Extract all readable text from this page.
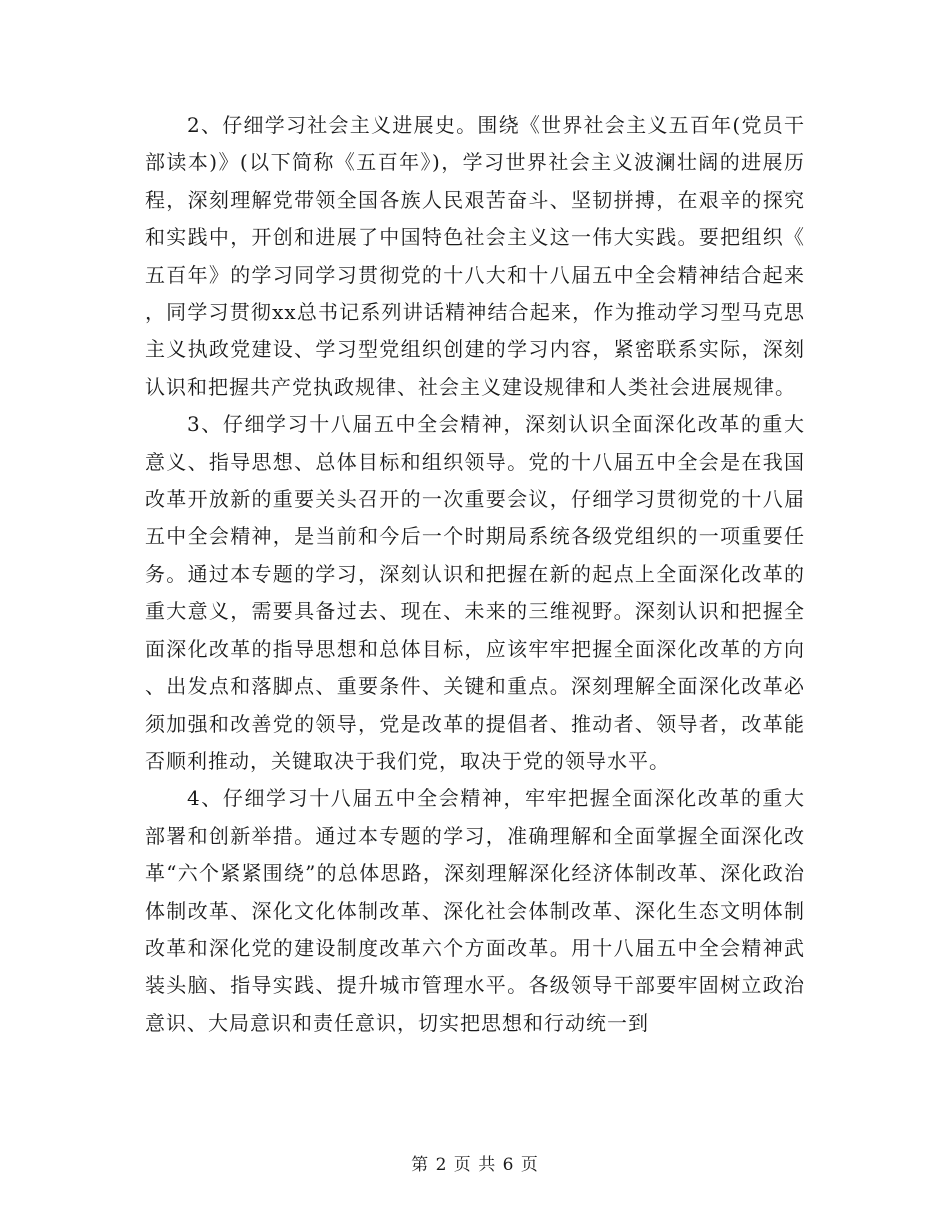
2、仔细学习社会主义进展史。围绕《世界社会主义五百年(党员干部读本)》(以下简称《五百年》)，学习世界社会主义波澜壮阔的进展历程，深刻理解党带领全国各族人民艰苦奋斗、坚韧拼搏，在艰辛的探究和实践中，开创和进展了中国特色社会主义这一伟大实践。要把组织《五百年》的学习同学习贯彻党的十八大和十八届五中全会精神结合起来，同学习贯彻xx总书记系列讲话精神结合起来，作为推动学习型马克思主义执政党建设、学习型党组织创建的学习内容，紧密联系实际，深刻认识和把握共产党执政规律、社会主义建设规律和人类社会进展规律。

3、仔细学习十八届五中全会精神，深刻认识全面深化改革的重大意义、指导思想、总体目标和组织领导。党的十八届五中全会是在我国改革开放新的重要关头召开的一次重要会议，仔细学习贯彻党的十八届五中全会精神，是当前和今后一个时期局系统各级党组织的一项重要任务。通过本专题的学习，深刻认识和把握在新的起点上全面深化改革的重大意义，需要具备过去、现在、未来的三维视野。深刻认识和把握全面深化改革的指导思想和总体目标，应该牢牢把握全面深化改革的方向、出发点和落脚点、重要条件、关键和重点。深刻理解全面深化改革必须加强和改善党的领导，党是改革的提倡者、推动者、领导者，改革能否顺利推动，关键取决于我们党，取决于党的领导水平。

4、仔细学习十八届五中全会精神，牢牢把握全面深化改革的重大部署和创新举措。通过本专题的学习，准确理解和全面掌握全面深化改革“六个紧紧围绕”的总体思路，深刻理解深化经济体制改革、深化政治体制改革、深化文化体制改革、深化社会体制改革、深化生态文明体制改革和深化党的建设制度改革六个方面改革。用十八届五中全会精神武装头脑、指导实践、提升城市管理水平。各级领导干部要牢固树立政治意识、大局意识和责任意识，切实把思想和行动统一到

第 2 页 共 6 页
